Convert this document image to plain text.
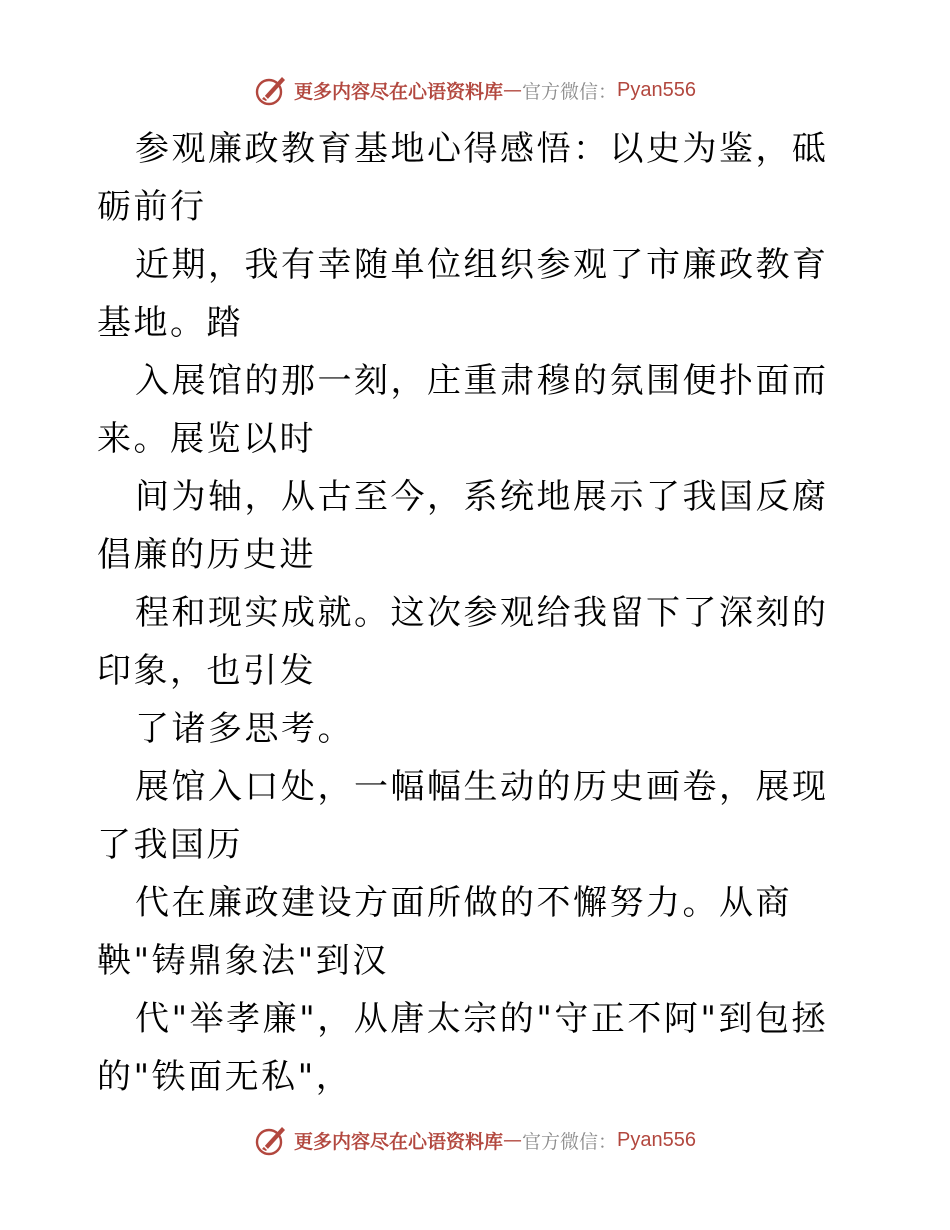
更多内容尽在心语资料库 — 官方微信： Pyan556

参观廉政教育基地心得感悟：以史为鉴，砥砺前行

近期，我有幸随单位组织参观了市廉政教育基地。踏

入展馆的那一刻，庄重肃穆的氛围便扑面而来。展览以时

间为轴，从古至今，系统地展示了我国反腐倡廉的历史进

程和现实成就。这次参观给我留下了深刻的印象，也引发

了诸多思考。

展馆入口处，一幅幅生动的历史画卷，展现了我国历

代在廉政建设方面所做的不懈努力。从商鞅"铸鼎象法"到汉

代"举孝廉"，从唐太宗的"守正不阿"到包拯的"铁面无私"，

更多内容尽在心语资料库 — 官方微信： Pyan556
